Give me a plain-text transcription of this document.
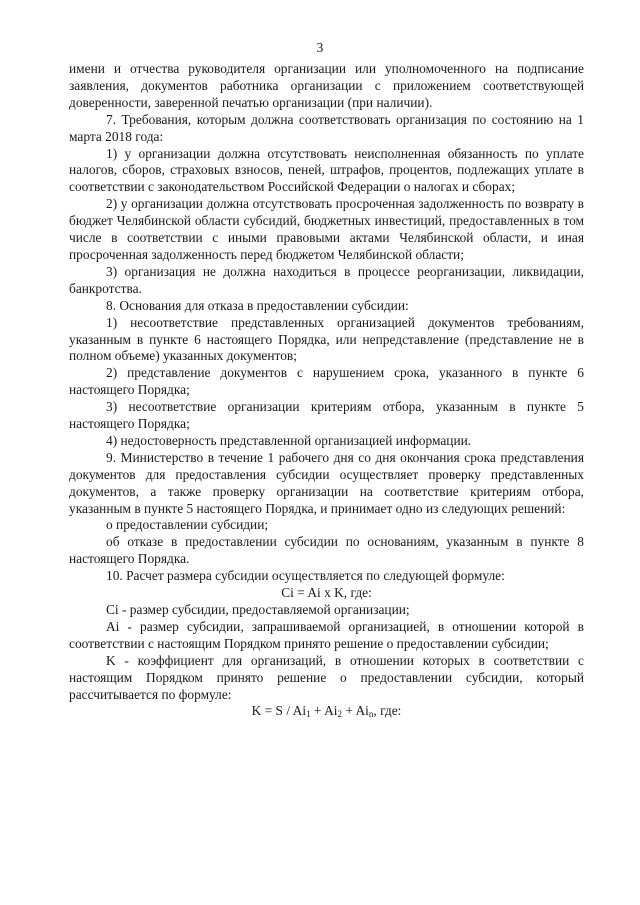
3

имени и отчества руководителя организации или уполномоченного на подписание заявления, документов работника организации с приложением соответствующей доверенности, заверенной печатью организации (при наличии).

7. Требования, которым должна соответствовать организация по состоянию на 1 марта 2018 года:

1) у организации должна отсутствовать неисполненная обязанность по уплате налогов, сборов, страховых взносов, пеней, штрафов, процентов, подлежащих уплате в соответствии с законодательством Российской Федерации о налогах и сборах;

2) у организации должна отсутствовать просроченная задолженность по возврату в бюджет Челябинской области субсидий, бюджетных инвестиций, предоставленных в том числе в соответствии с иными правовыми актами Челябинской области, и иная просроченная задолженность перед бюджетом Челябинской области;

3) организация не должна находиться в процессе реорганизации, ликвидации, банкротства.

8. Основания для отказа в предоставлении субсидии:

1) несоответствие представленных организацией документов требованиям, указанным в пункте 6 настоящего Порядка, или непредставление (представление не в полном объеме) указанных документов;

2) представление документов с нарушением срока, указанного в пункте 6 настоящего Порядка;

3) несоответствие организации критериям отбора, указанным в пункте 5 настоящего Порядка;

4) недостоверность представленной организацией информации.

9. Министерство в течение 1 рабочего дня со дня окончания срока представления документов для предоставления субсидии осуществляет проверку представленных документов, а также проверку организации на соответствие критериям отбора, указанным в пункте 5 настоящего Порядка, и принимает одно из следующих решений:

о предоставлении субсидии;

об отказе в предоставлении субсидии по основаниям, указанным в пункте 8 настоящего Порядка.

10. Расчет размера субсидии осуществляется по следующей формуле:

Ci = Ai x K, где:

Ci - размер субсидии, предоставляемой организации;

Ai - размер субсидии, запрашиваемой организацией, в отношении которой в соответствии с настоящим Порядком принято решение о предоставлении субсидии;

K - коэффициент для организаций, в отношении которых в соответствии с настоящим Порядком принято решение о предоставлении субсидии, который рассчитывается по формуле:

$K = S / Ai_1 + Ai_2 + Ai_n$, где:
